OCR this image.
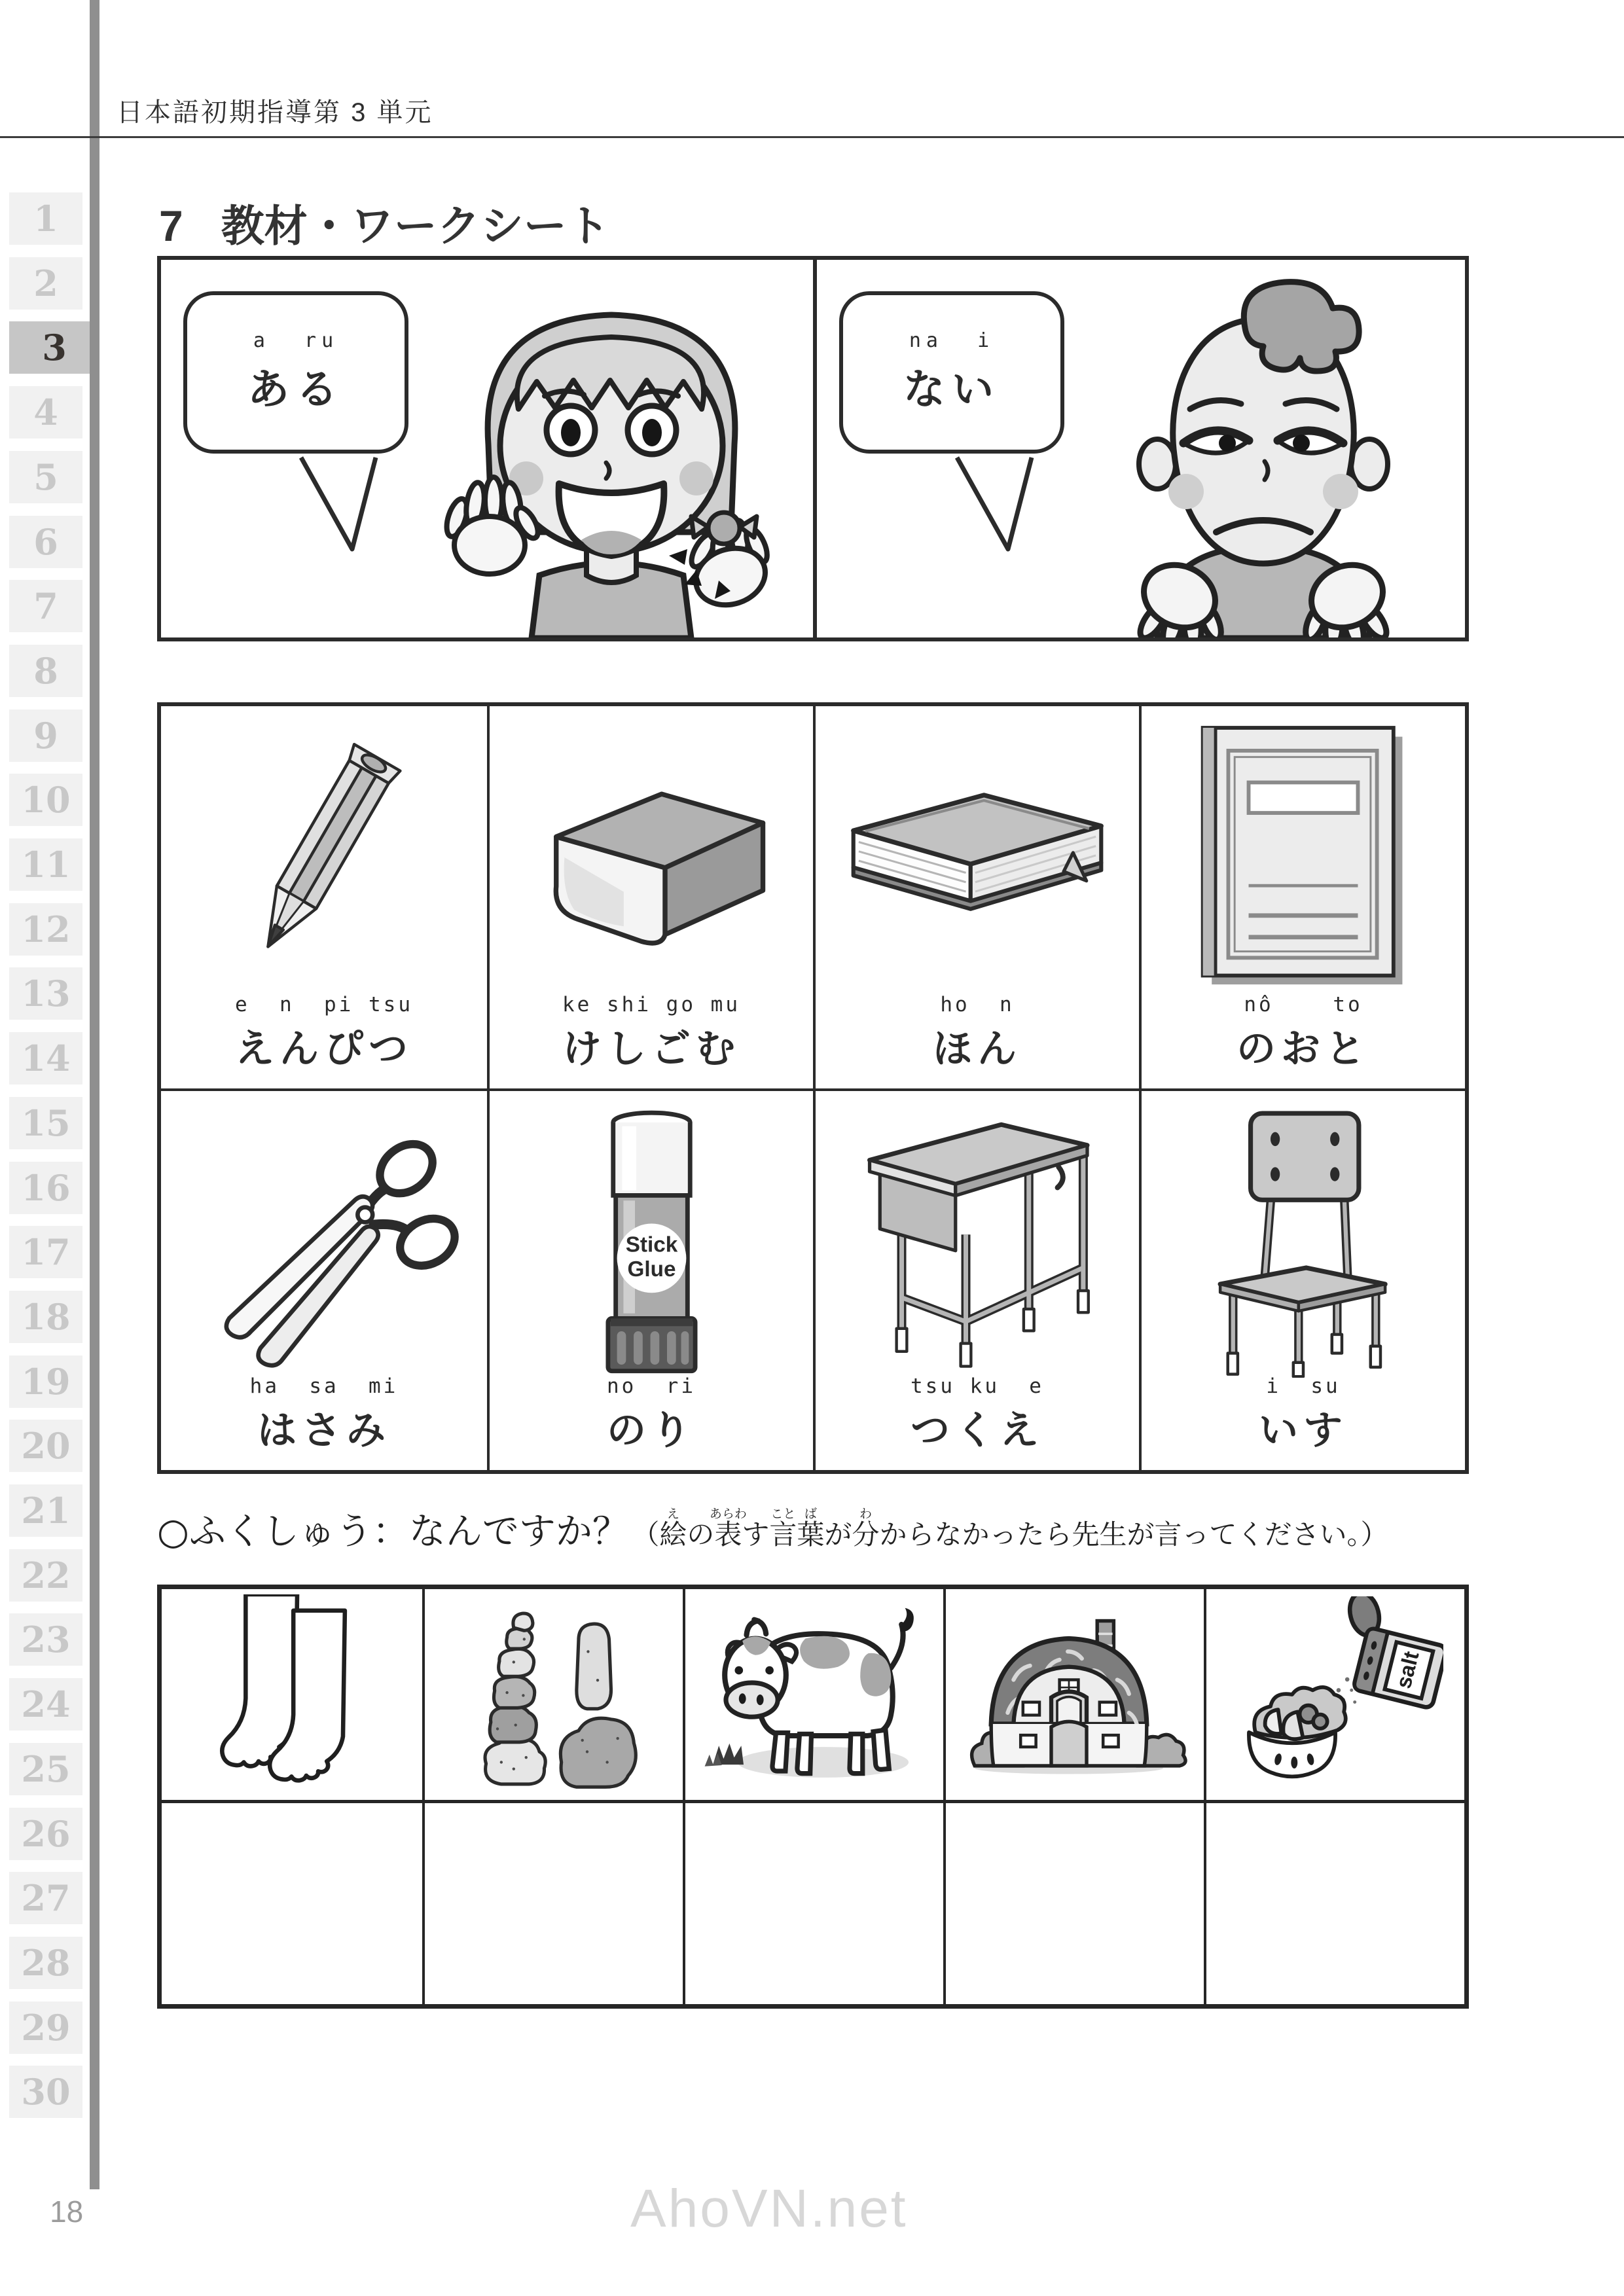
1
2
3
4
5
6
7
8
9
10
11
12
13
14
15
16
17
18
19
20
21
22
23
24
25
26
27
28
29
30
日本語初期指導第 3 単元
7 教材・ワークシート
a  ru
ある
na  i
ない
e  n  pi tsu
えんぴつ
ke shi go mu
けしごむ
ho  n
ほん
nô    to
のおと
ha  sa  mi
はさみ
Stick
Glue
no  ri
のり
tsu ku  e
つくえ
i  su
いす
○ふくしゅう：なんですか？ （絵えの表あらわす言こと葉ばが分わからなかったら先生が言ってください。）
salt
18	AhoVN.net
